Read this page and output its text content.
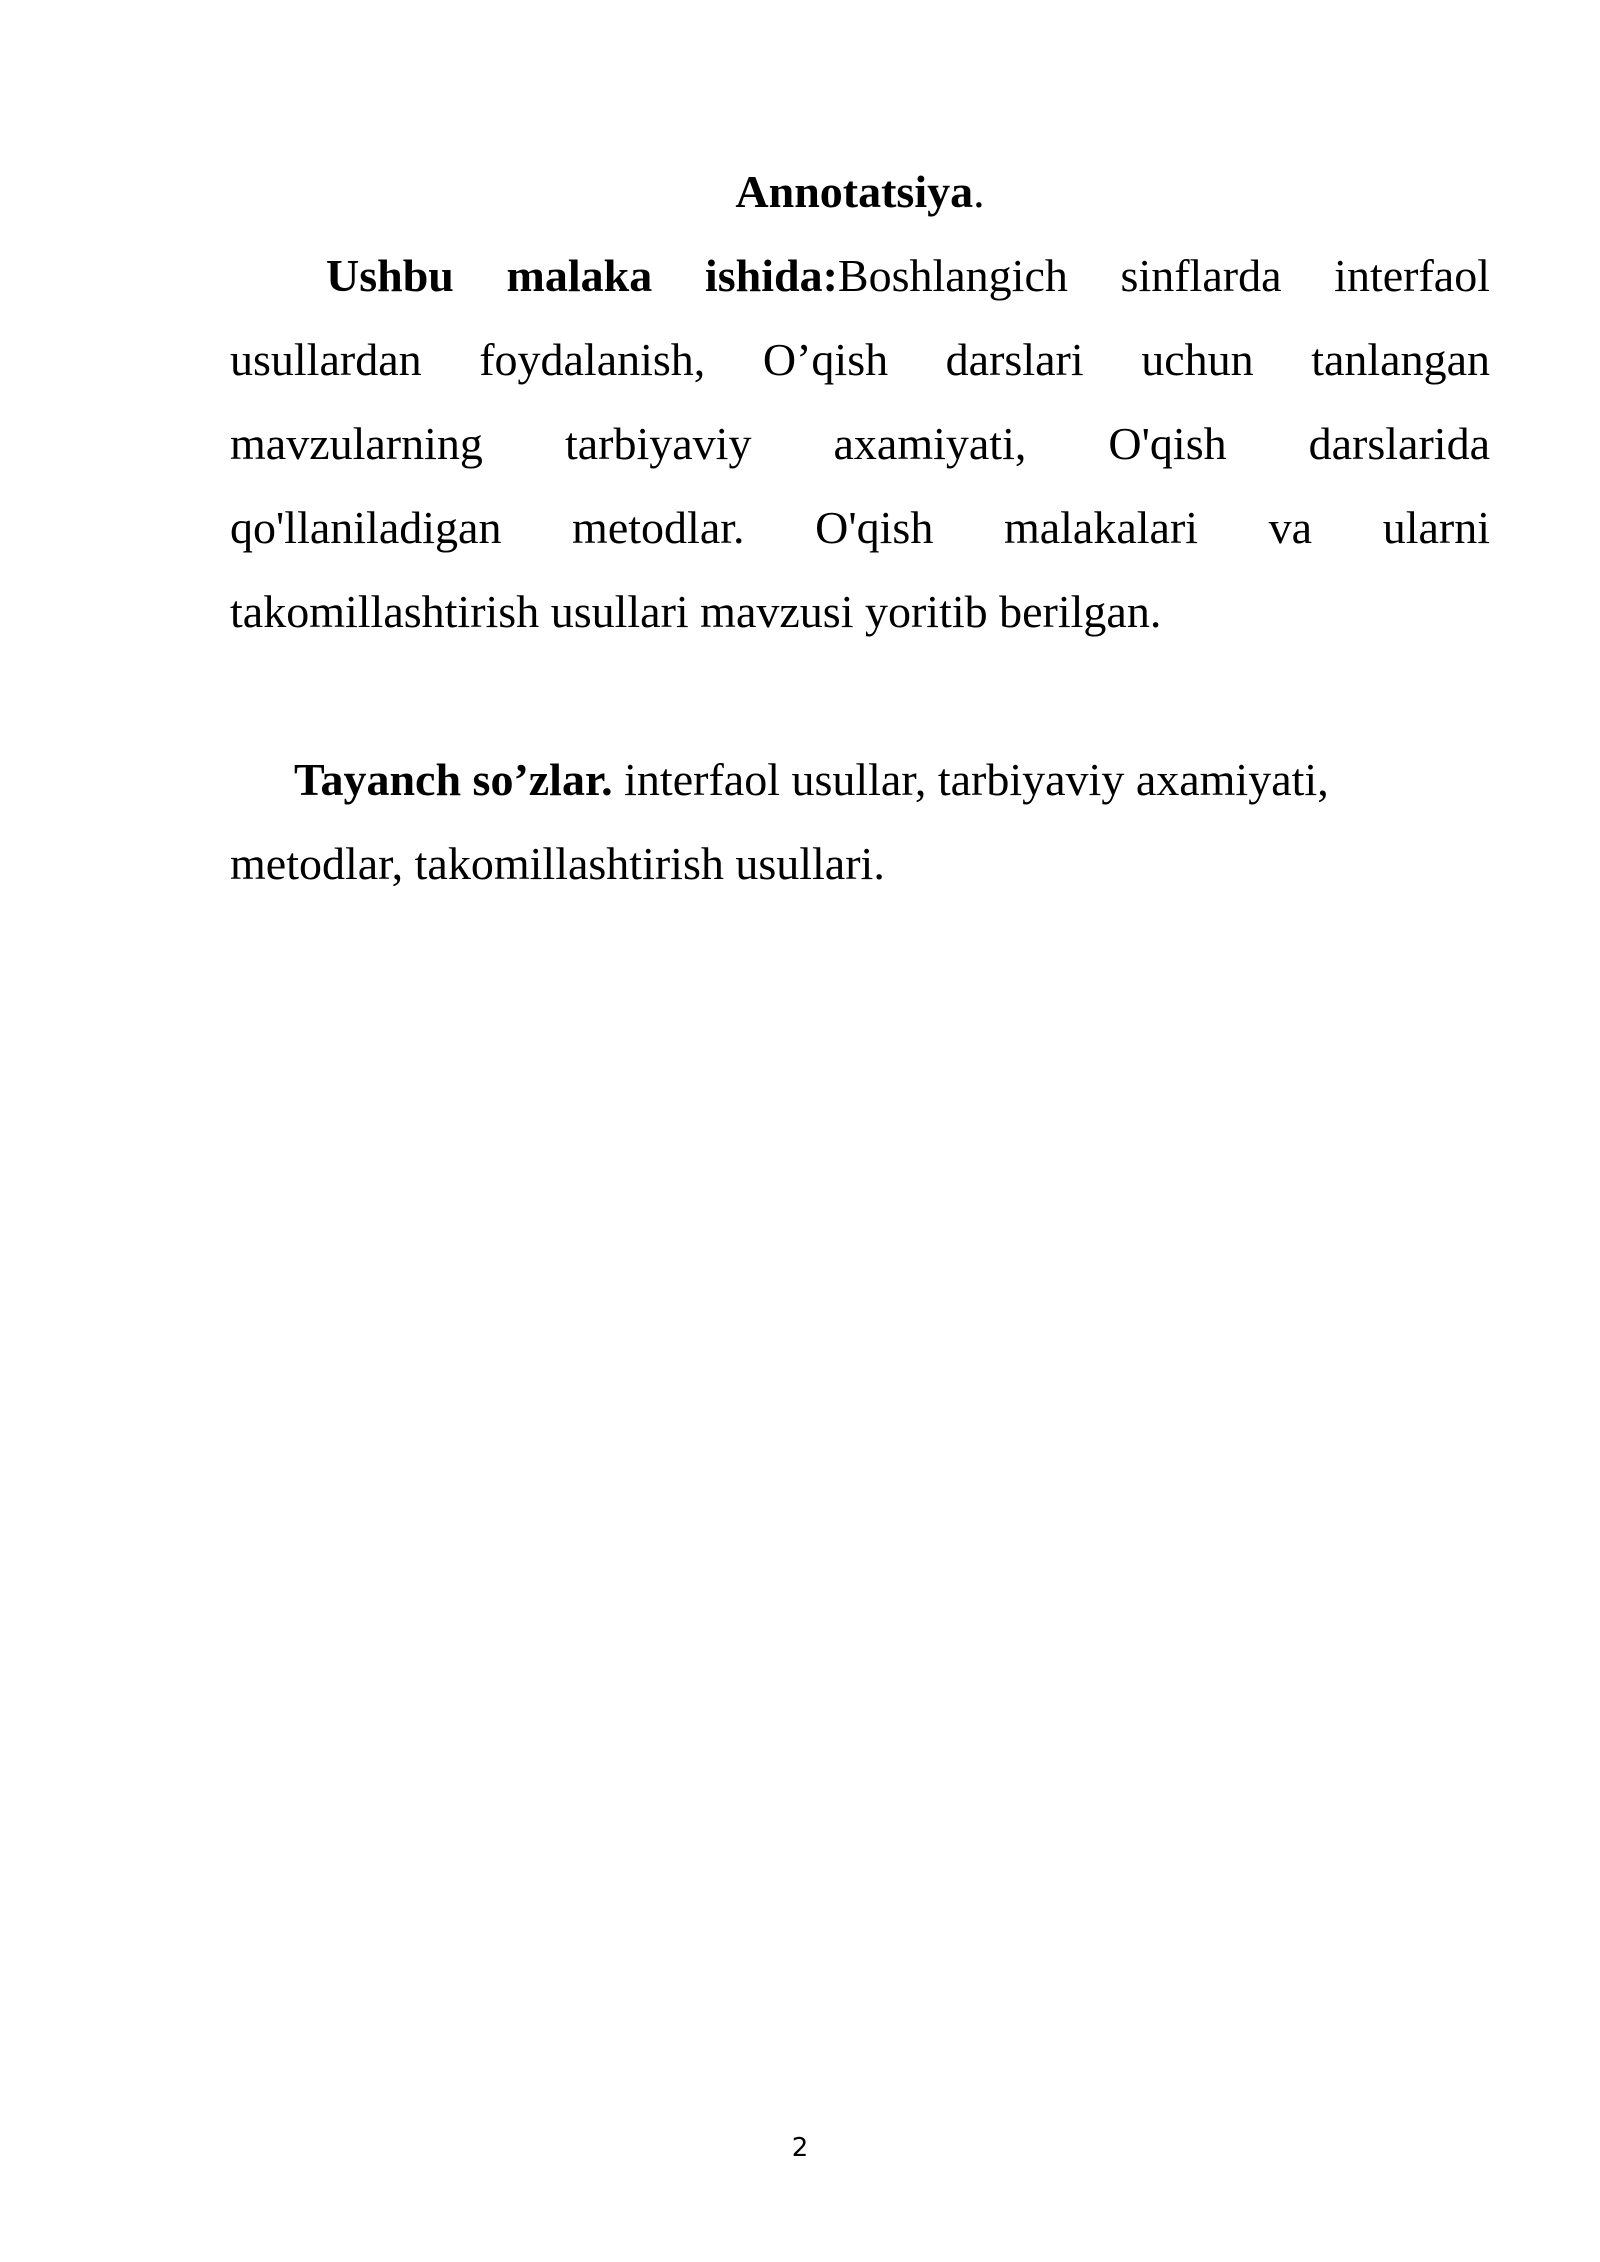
Annotatsiya.

Ushbu malaka ishida:Boshlangich sinflarda interfaol usullardan foydalanish, O’qish darslari uchun tanlangan mavzularning tarbiyaviy axamiyati, O'qish darslarida qo'llaniladigan metodlar. O'qish malakalari va ularni takomillashtirish usullari mavzusi yoritib berilgan.

Tayanch so’zlar. interfaol usullar, tarbiyaviy axamiyati, metodlar, takomillashtirish usullari.

2
